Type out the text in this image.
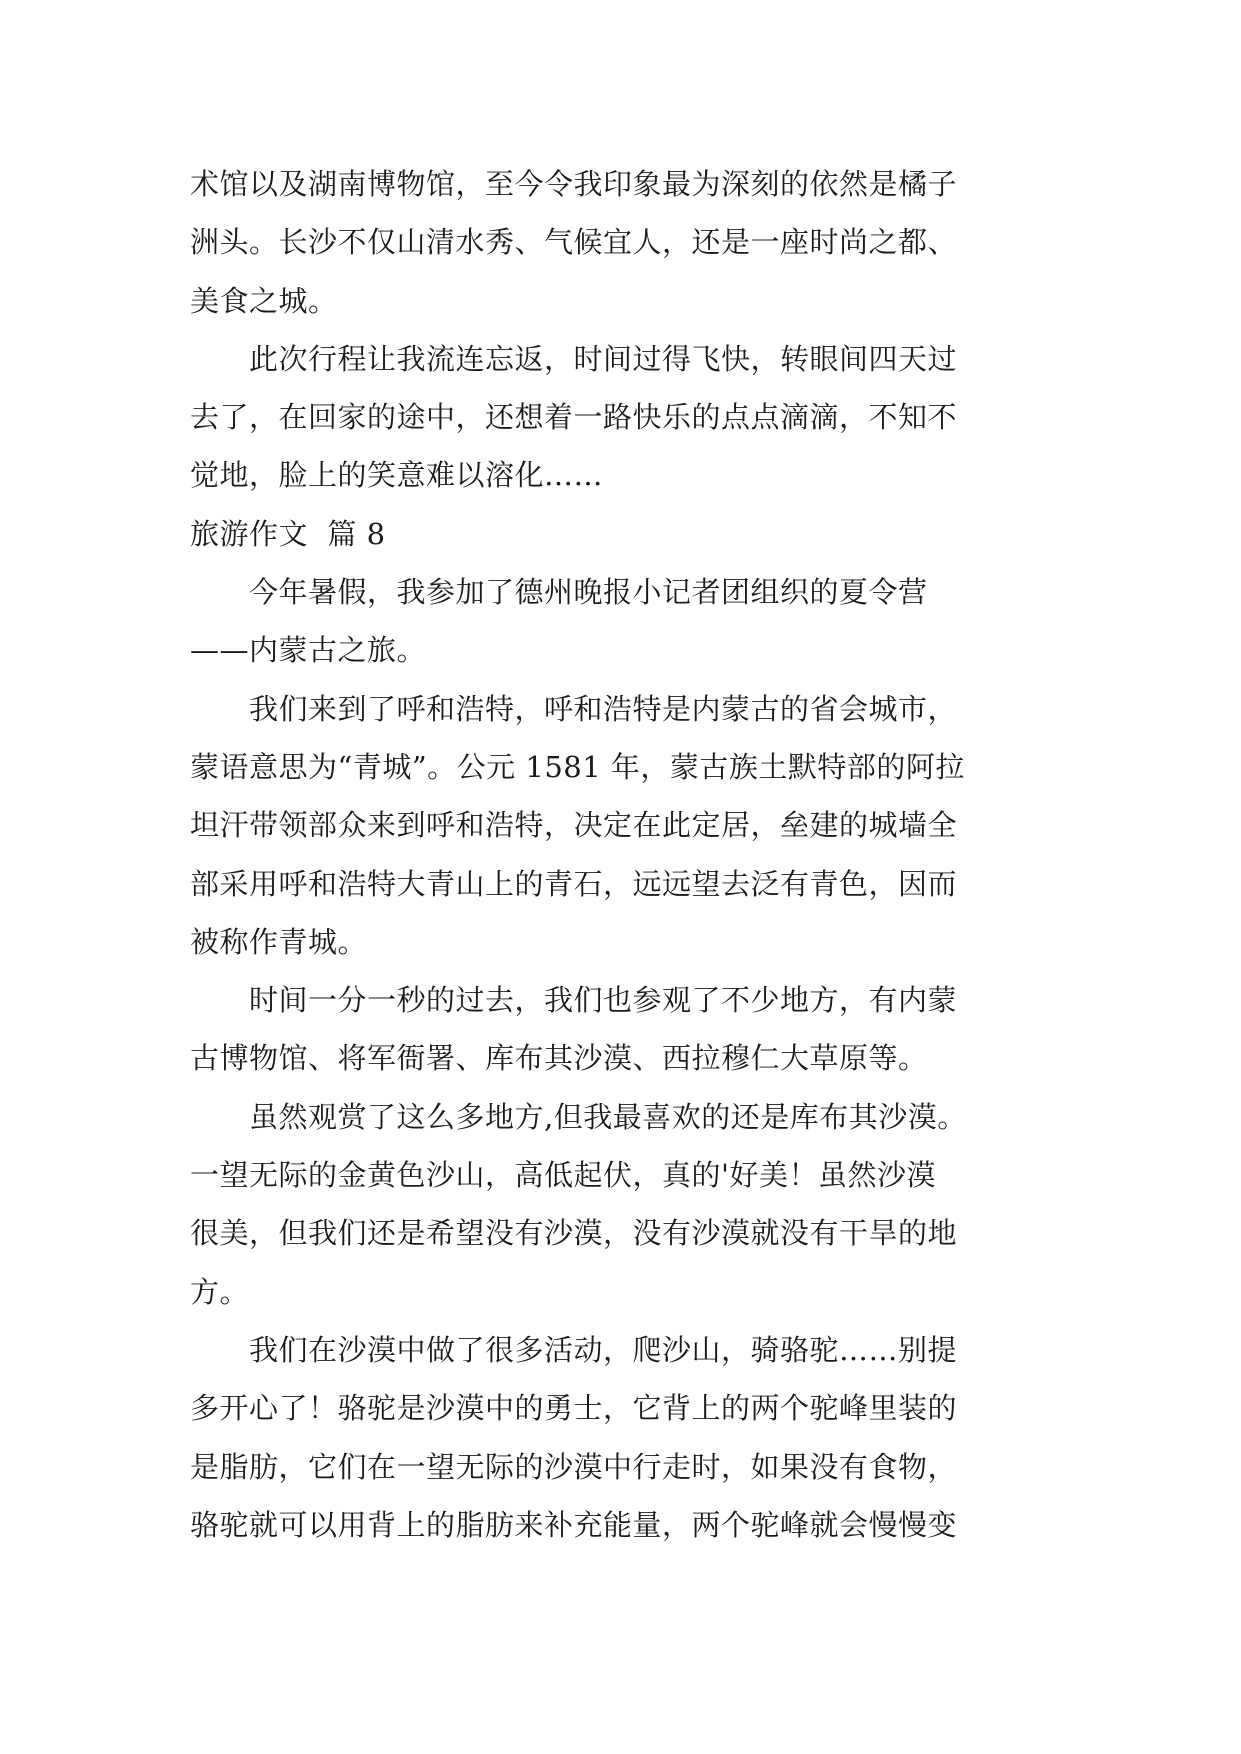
术馆以及湖南博物馆，至今令我印象最为深刻的依然是橘子
洲头。长沙不仅山清水秀、气候宜人，还是一座时尚之都、
美食之城。
　　此次行程让我流连忘返，时间过得飞快，转眼间四天过
去了，在回家的途中，还想着一路快乐的点点滴滴，不知不
觉地，脸上的笑意难以溶化……
旅游作文  篇 8
　　今年暑假，我参加了德州晚报小记者团组织的夏令营
——内蒙古之旅。
　　我们来到了呼和浩特，呼和浩特是内蒙古的省会城市，
蒙语意思为“青城”。公元 1581 年，蒙古族土默特部的阿拉
坦汗带领部众来到呼和浩特，决定在此定居，垒建的城墙全
部采用呼和浩特大青山上的青石，远远望去泛有青色，因而
被称作青城。
　　时间一分一秒的过去，我们也参观了不少地方，有内蒙
古博物馆、将军衙署、库布其沙漠、西拉穆仁大草原等。
　　虽然观赏了这么多地方,但我最喜欢的还是库布其沙漠。
一望无际的金黄色沙山，高低起伏，真的'好美！虽然沙漠
很美，但我们还是希望没有沙漠，没有沙漠就没有干旱的地
方。
　　我们在沙漠中做了很多活动，爬沙山，骑骆驼……别提
多开心了！骆驼是沙漠中的勇士，它背上的两个驼峰里装的
是脂肪，它们在一望无际的沙漠中行走时，如果没有食物，
骆驼就可以用背上的脂肪来补充能量，两个驼峰就会慢慢变
